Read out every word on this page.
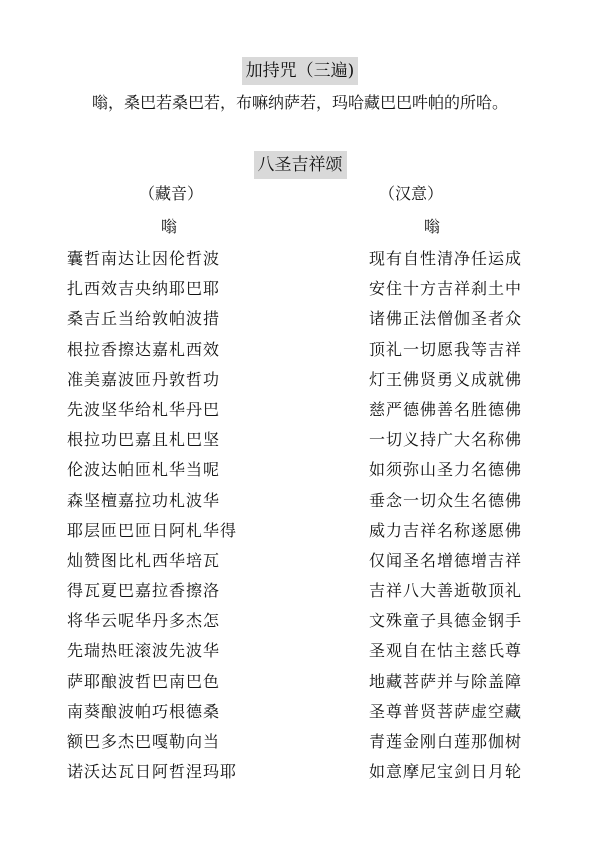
加持咒（三遍)
嗡，桑巴若桑巴若，布嘛纳萨若，玛哈藏巴巴吽帕的所哈。
八圣吉祥颂
（藏音）	（汉意）
嗡	嗡
囊哲南达让因伦哲波
扎西效吉央纳耶巴耶
桑吉丘当给敦帕波措
根拉香擦达嘉札西效
准美嘉波匝丹敦哲功
先波坚华给札华丹巴
根拉功巴嘉且札巴坚
伦波达帕匝札华当呢
森坚檀嘉拉功札波华
耶层匝巴匝日阿札华得
灿赞图比札西华培瓦
得瓦夏巴嘉拉香擦洛
将华云呢华丹多杰怎
先瑞热旺滚波先波华
萨耶酿波哲巴南巴色
南葵酿波帕巧根德桑
额巴多杰巴嘎勒向当
诺沃达瓦日阿哲涅玛耶
现有自性清净任运成
安住十方吉祥刹土中
诸佛正法僧伽圣者众
顶礼一切愿我等吉祥
灯王佛贤勇义成就佛
慈严德佛善名胜德佛
一切义持广大名称佛
如须弥山圣力名德佛
垂念一切众生名德佛
威力吉祥名称遂愿佛
仅闻圣名增德增吉祥
吉祥八大善逝敬顶礼
文殊童子具德金钢手
圣观自在怙主慈氏尊
地藏菩萨并与除盖障
圣尊普贤菩萨虚空藏
青莲金刚白莲那伽树
如意摩尼宝剑日月轮
